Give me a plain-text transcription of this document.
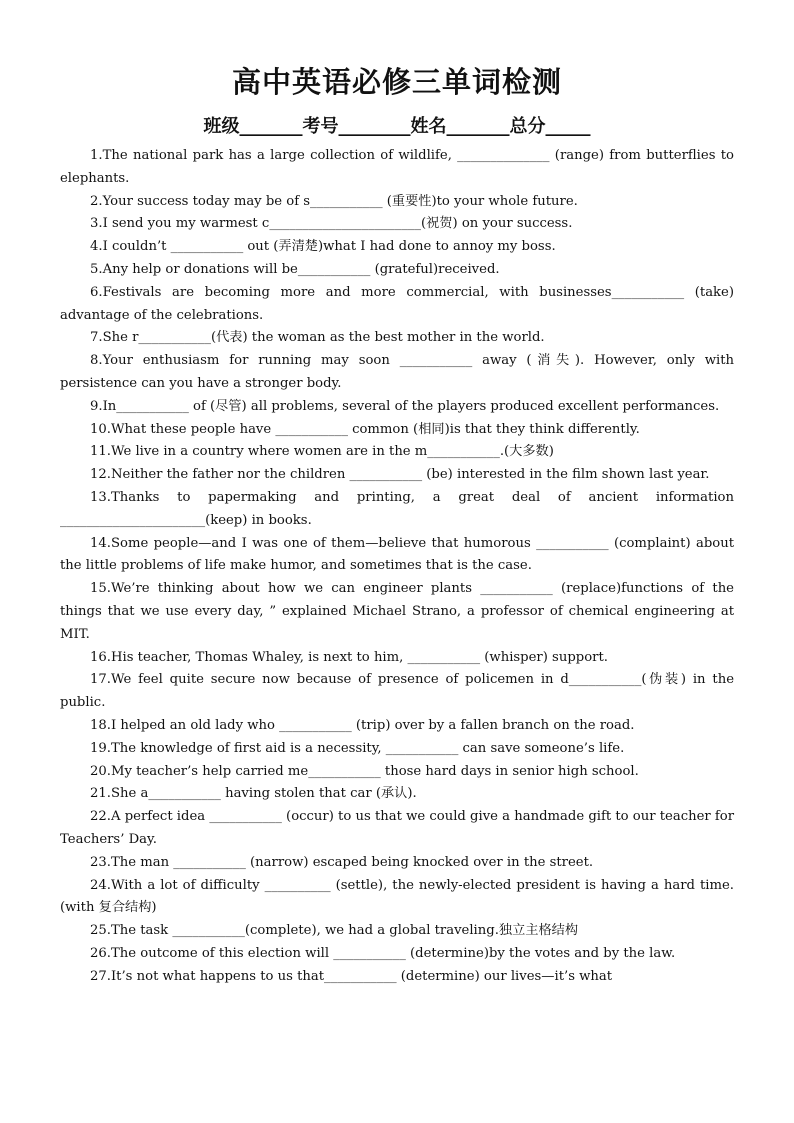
高中英语必修三单词检测
班级_______考号________姓名_______总分_____

1.The national park has a large collection of wildlife, ______________ (range) from butterflies to elephants.

2.Your success today may be of s___________ (重要性)to your whole future.

3.I send you my warmest c_______________________(祝贺) on your success.

4.I couldn’t ___________ out (弄清楚)what I had done to annoy my boss.

5.Any help or donations will be___________ (grateful)received.

6.Festivals are becoming more and more commercial, with businesses___________ (take) advantage of the celebrations.

7.She r___________(代表) the woman as the best mother in the world.

8.Your enthusiasm for running may soon ___________ away (消失). However, only with persistence can you have a stronger body.

9.In___________ of (尽管) all problems, several of the players produced excellent performances.

10.What these people have ___________ common (相同)is that they think differently.

11.We live in a country where women are in the m___________.(大多数)

12.Neither the father nor the children ___________ (be) interested in the film shown last year.

13.Thanks to papermaking and printing, a great deal of ancient information ______________________(keep) in books.

14.Some people—and I was one of them—believe that humorous ___________ (complaint) about the little problems of life make humor, and sometimes that is the case.

15.We’re thinking about how we can engineer plants ___________ (replace)functions of the things that we use every day, ” explained Michael Strano, a professor of chemical engineering at MIT.

16.His teacher, Thomas Whaley, is next to him, ___________ (whisper) support.

17.We feel quite secure now because of presence of policemen in d___________(伪装) in the public.

18.I helped an old lady who ___________ (trip) over by a fallen branch on the road.

19.The knowledge of first aid is a necessity, ___________ can save someone’s life.

20.My teacher’s help carried me___________ those hard days in senior high school.

21.She a___________ having stolen that car (承认).

22.A perfect idea ___________ (occur) to us that we could give a handmade gift to our teacher for Teachers’ Day.

23.The man ___________ (narrow) escaped being knocked over in the street.

24.With a lot of difficulty __________ (settle), the newly-elected president is having a hard time.(with 复合结构)

25.The task ___________(complete), we had a global traveling.独立主格结构

26.The outcome of this election will ___________ (determine)by the votes and by the law.

27.It’s not what happens to us that___________ (determine) our lives—it’s what
